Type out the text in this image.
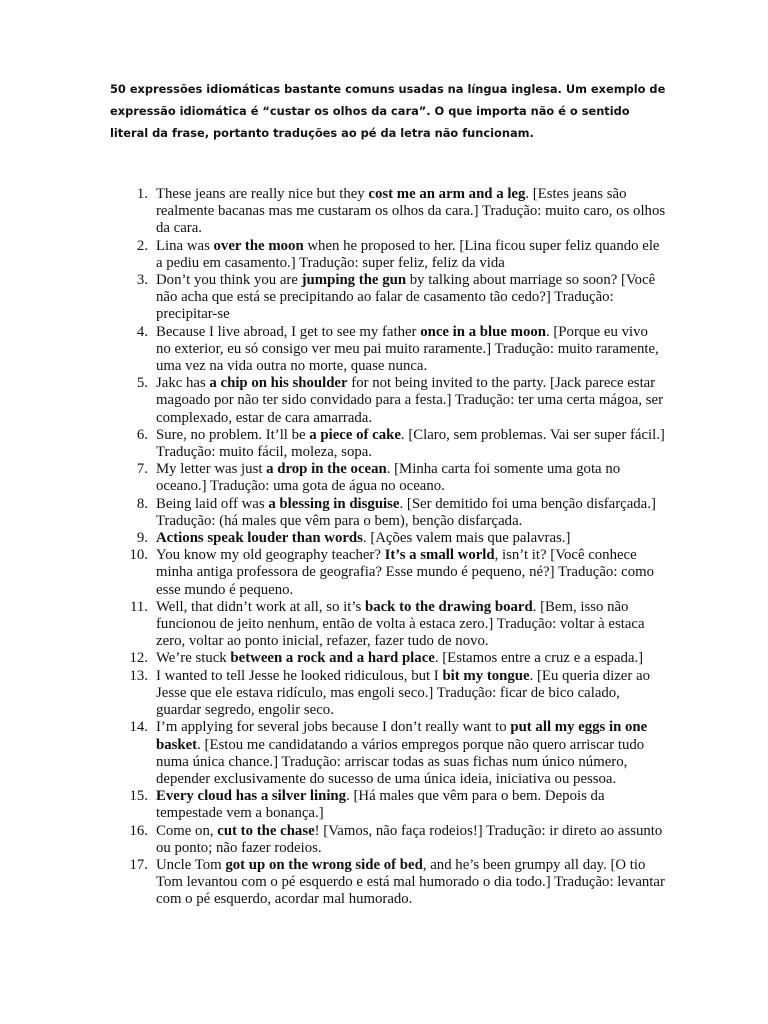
50 expressões idiomáticas bastante comuns usadas na língua inglesa. Um exemplo de expressão idiomática é “custar os olhos da cara”. O que importa não é o sentido literal da frase, portanto traduções ao pé da letra não funcionam.

1. These jeans are really nice but they cost me an arm and a leg. [Estes jeans são realmente bacanas mas me custaram os olhos da cara.] Tradução: muito caro, os olhos da cara.
2. Lina was over the moon when he proposed to her. [Lina ficou super feliz quando ele a pediu em casamento.] Tradução: super feliz, feliz da vida
3. Don’t you think you are jumping the gun by talking about marriage so soon? [Você não acha que está se precipitando ao falar de casamento tão cedo?] Tradução: precipitar-se
4. Because I live abroad, I get to see my father once in a blue moon. [Porque eu vivo no exterior, eu só consigo ver meu pai muito raramente.] Tradução: muito raramente, uma vez na vida outra no morte, quase nunca.
5. Jakc has a chip on his shoulder for not being invited to the party. [Jack parece estar magoado por não ter sido convidado para a festa.] Tradução: ter uma certa mágoa, ser complexado, estar de cara amarrada.
6. Sure, no problem. It’ll be a piece of cake. [Claro, sem problemas. Vai ser super fácil.] Tradução: muito fácil, moleza, sopa.
7. My letter was just a drop in the ocean. [Minha carta foi somente uma gota no oceano.] Tradução: uma gota de água no oceano.
8. Being laid off was a blessing in disguise. [Ser demitido foi uma benção disfarçada.] Tradução: (há males que vêm para o bem), benção disfarçada.
9. Actions speak louder than words. [Ações valem mais que palavras.]
10. You know my old geography teacher? It’s a small world, isn’t it? [Você conhece minha antiga professora de geografia? Esse mundo é pequeno, né?] Tradução: como esse mundo é pequeno.
11. Well, that didn’t work at all, so it’s back to the drawing board. [Bem, isso não funcionou de jeito nenhum, então de volta à estaca zero.] Tradução: voltar à estaca zero, voltar ao ponto inicial, refazer, fazer tudo de novo.
12. We’re stuck between a rock and a hard place. [Estamos entre a cruz e a espada.]
13. I wanted to tell Jesse he looked ridiculous, but I bit my tongue. [Eu queria dizer ao Jesse que ele estava ridículo, mas engoli seco.] Tradução: ficar de bico calado, guardar segredo, engolir seco.
14. I’m applying for several jobs because I don’t really want to put all my eggs in one basket. [Estou me candidatando a vários empregos porque não quero arriscar tudo numa única chance.] Tradução: arriscar todas as suas fichas num único número, depender exclusivamente do sucesso de uma única ideia, iniciativa ou pessoa.
15. Every cloud has a silver lining. [Há males que vêm para o bem. Depois da tempestade vem a bonança.]
16. Come on, cut to the chase! [Vamos, não faça rodeios!] Tradução: ir direto ao assunto ou ponto; não fazer rodeios.
17. Uncle Tom got up on the wrong side of bed, and he’s been grumpy all day. [O tio Tom levantou com o pé esquerdo e está mal humorado o dia todo.] Tradução: levantar com o pé esquerdo, acordar mal humorado.
